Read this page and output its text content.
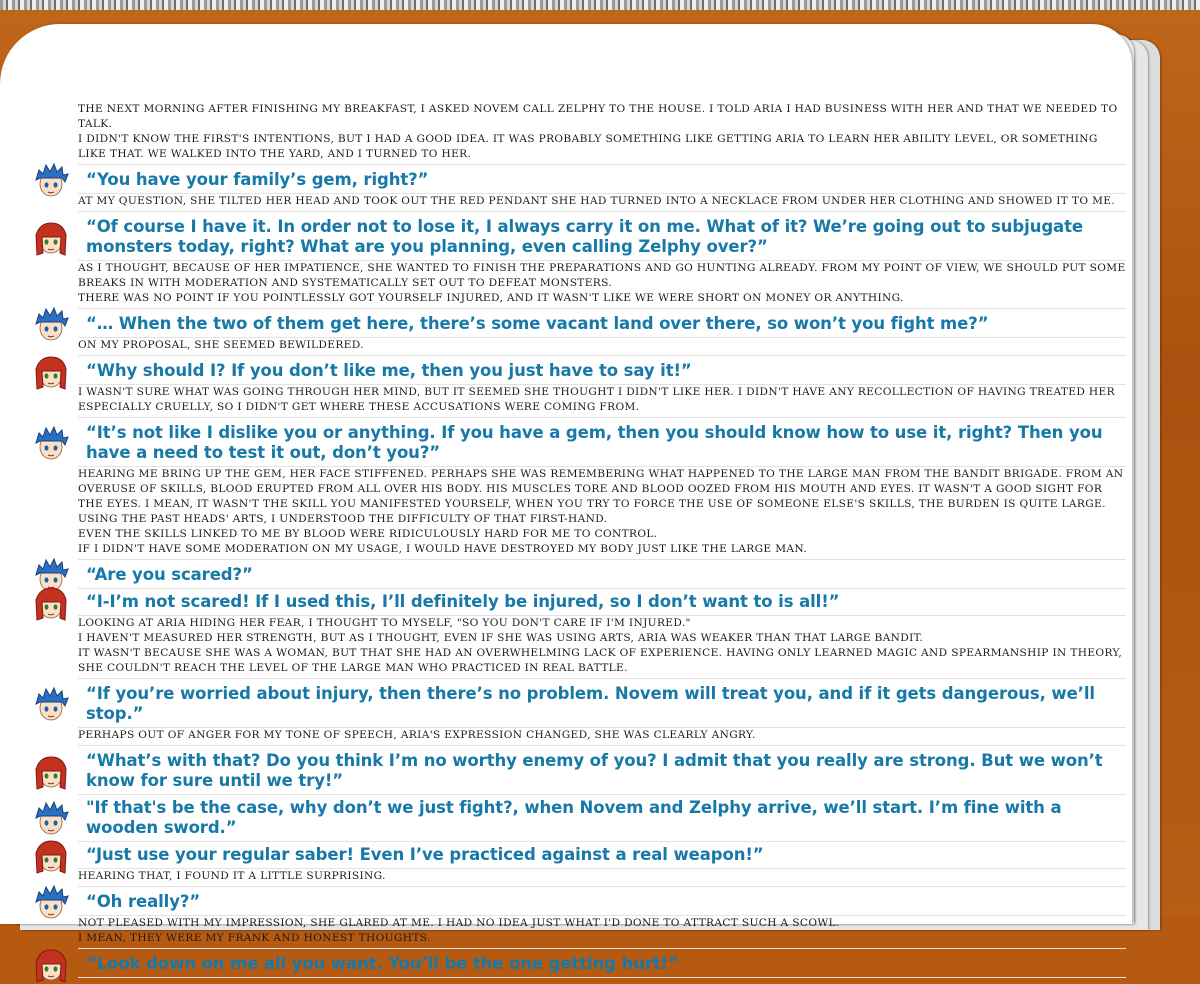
THE NEXT MORNING AFTER FINISHING MY BREAKFAST, I ASKED NOVEM CALL ZELPHY TO THE HOUSE. I TOLD ARIA I HAD BUSINESS WITH HER AND THAT WE NEEDED TO TALK.
I DIDN'T KNOW THE FIRST'S INTENTIONS, BUT I HAD A GOOD IDEA. IT WAS PROBABLY SOMETHING LIKE GETTING ARIA TO LEARN HER ABILITY LEVEL, OR SOMETHING LIKE THAT. WE WALKED INTO THE YARD, AND I TURNED TO HER.
“You have your family’s gem, right?”
AT MY QUESTION, SHE TILTED HER HEAD AND TOOK OUT THE RED PENDANT SHE HAD TURNED INTO A NECKLACE FROM UNDER HER CLOTHING AND SHOWED IT TO ME.
“Of course I have it. In order not to lose it, I always carry it on me. What of it? We’re going out to subjugate monsters today, right? What are you planning, even calling Zelphy over?”
AS I THOUGHT, BECAUSE OF HER IMPATIENCE, SHE WANTED TO FINISH THE PREPARATIONS AND GO HUNTING ALREADY. FROM MY POINT OF VIEW, WE SHOULD PUT SOME BREAKS IN WITH MODERATION AND SYSTEMATICALLY SET OUT TO DEFEAT MONSTERS.
THERE WAS NO POINT IF YOU POINTLESSLY GOT YOURSELF INJURED, AND IT WASN'T LIKE WE WERE SHORT ON MONEY OR ANYTHING.
“… When the two of them get here, there’s some vacant land over there, so won’t you fight me?”
ON MY PROPOSAL, SHE SEEMED BEWILDERED.
“Why should I? If you don’t like me, then you just have to say it!”
I WASN'T SURE WHAT WAS GOING THROUGH HER MIND, BUT IT SEEMED SHE THOUGHT I DIDN'T LIKE HER. I DIDN'T HAVE ANY RECOLLECTION OF HAVING TREATED HER ESPECIALLY CRUELLY, SO I DIDN'T GET WHERE THESE ACCUSATIONS WERE COMING FROM.
“It’s not like I dislike you or anything. If you have a gem, then you should know how to use it, right? Then you have a need to test it out, don’t you?”
HEARING ME BRING UP THE GEM, HER FACE STIFFENED. PERHAPS SHE WAS REMEMBERING WHAT HAPPENED TO THE LARGE MAN FROM THE BANDIT BRIGADE. FROM AN OVERUSE OF SKILLS, BLOOD ERUPTED FROM ALL OVER HIS BODY. HIS MUSCLES TORE AND BLOOD OOZED FROM HIS MOUTH AND EYES. IT WASN'T A GOOD SIGHT FOR THE EYES. I MEAN, IT WASN'T THE SKILL YOU MANIFESTED YOURSELF, WHEN YOU TRY TO FORCE THE USE OF SOMEONE ELSE'S SKILLS, THE BURDEN IS QUITE LARGE.
USING THE PAST HEADS' ARTS, I UNDERSTOOD THE DIFFICULTY OF THAT FIRST-HAND.
EVEN THE SKILLS LINKED TO ME BY BLOOD WERE RIDICULOUSLY HARD FOR ME TO CONTROL.
IF I DIDN'T HAVE SOME MODERATION ON MY USAGE, I WOULD HAVE DESTROYED MY BODY JUST LIKE THE LARGE MAN.
“Are you scared?”
“I-I’m not scared! If I used this, I’ll definitely be injured, so I don’t want to is all!”
LOOKING AT ARIA HIDING HER FEAR, I THOUGHT TO MYSELF, "SO YOU DON'T CARE IF I'M INJURED."
I HAVEN'T MEASURED HER STRENGTH, BUT AS I THOUGHT, EVEN IF SHE WAS USING ARTS, ARIA WAS WEAKER THAN THAT LARGE BANDIT.
IT WASN'T BECAUSE SHE WAS A WOMAN, BUT THAT SHE HAD AN OVERWHELMING LACK OF EXPERIENCE. HAVING ONLY LEARNED MAGIC AND SPEARMANSHIP IN THEORY, SHE COULDN'T REACH THE LEVEL OF THE LARGE MAN WHO PRACTICED IN REAL BATTLE.
“If you’re worried about injury, then there’s no problem. Novem will treat you, and if it gets dangerous, we’ll stop.”
PERHAPS OUT OF ANGER FOR MY TONE OF SPEECH, ARIA'S EXPRESSION CHANGED, SHE WAS CLEARLY ANGRY.
“What’s with that? Do you think I’m no worthy enemy of you? I admit that you really are strong. But we won’t know for sure until we try!”
"If that's be the case, why don’t we just fight?, when Novem and Zelphy arrive, we’ll start. I’m fine with a wooden sword.”
“Just use your regular saber! Even I’ve practiced against a real weapon!”
HEARING THAT, I FOUND IT A LITTLE SURPRISING.
“Oh really?”
NOT PLEASED WITH MY IMPRESSION, SHE GLARED AT ME. I HAD NO IDEA JUST WHAT I'D DONE TO ATTRACT SUCH A SCOWL.
I MEAN, THEY WERE MY FRANK AND HONEST THOUGHTS.
“Look down on me all you want. You’ll be the one getting hurt!”
